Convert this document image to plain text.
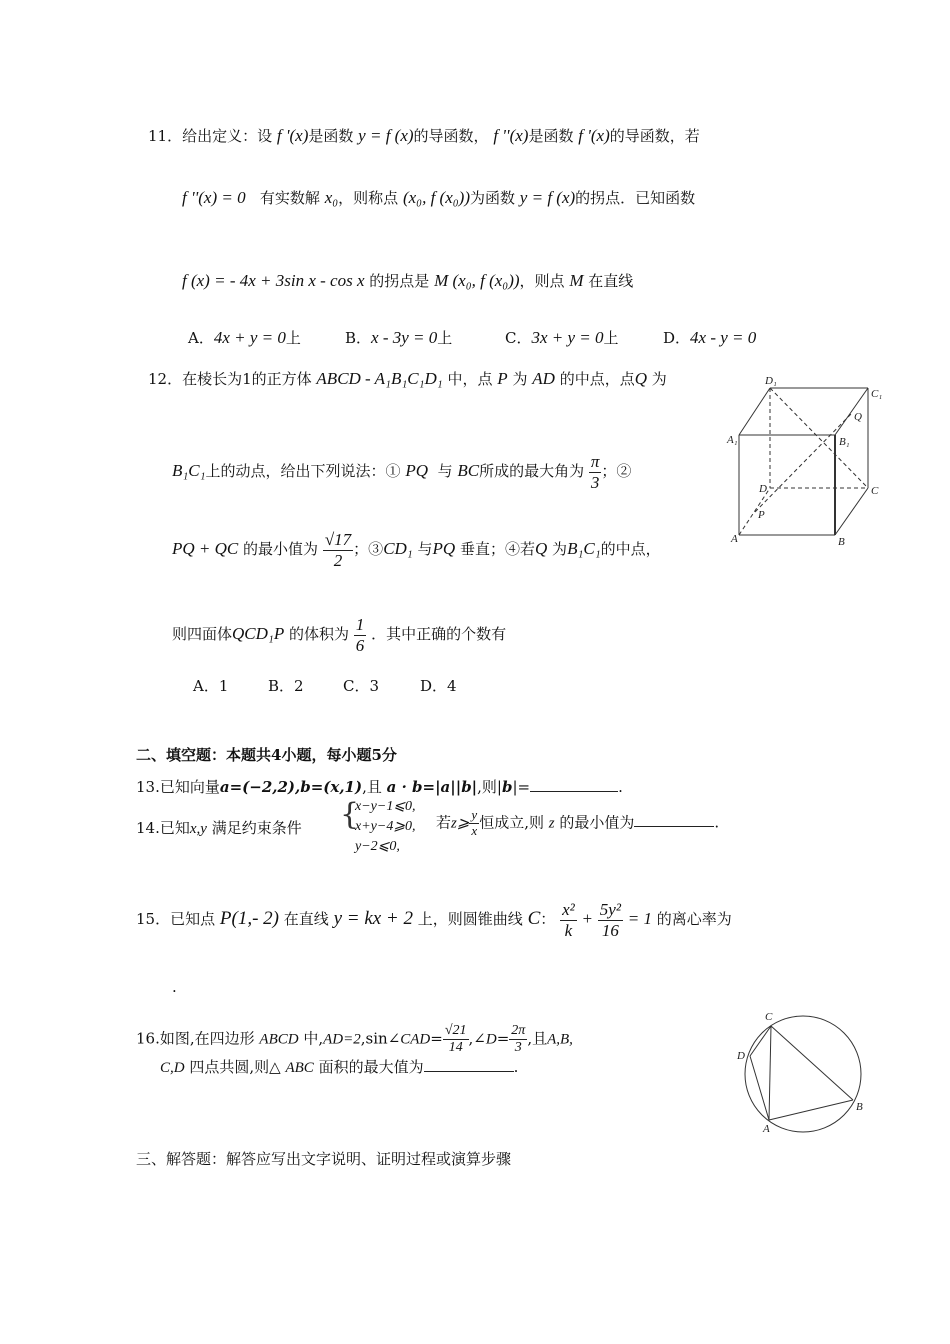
11．给出定义：设 f '(x)是函数 y = f (x)的导函数， f ''(x)是函数 f '(x)的导函数，若
f ''(x) = 0 有实数解 x₀，则称点 (x₀, f (x₀))为函数 y = f (x)的拐点．已知函数
f (x) = - 4x + 3sin x - cos x 的拐点是 M (x₀, f (x₀))，则点 M 在直线
A．4x + y = 0上	B．x - 3y = 0上	C．3x + y = 0上	D．4x - y = 0
12．在棱长为1的正方体 ABCD - A₁B₁C₁D₁ 中，点 P 为 AD 的中点，点Q 为
B₁C₁上的动点，给出下列说法：① PQ 与 BC所成的最大角为 $\frac{\pi}{3}$ ；②
PQ + QC 的最小值为 $\frac{√17}{2}$ ；③CD₁ 与PQ 垂直；④若Q 为B₁C₁的中点，
则四面体QCD₁P 的体积为 $\frac{1}{6}$ ．其中正确的个数有
A．1	B．2	C．3	D．4
D₁
C₁
Q
A₁	B₁
D	C
P
A	B
二、填空题：本题共4小题，每小题5分
13.已知向量a=(−2,2),b=(x,1),且 a · b=|a||b|,则|b|=	.
14.已知x,y 满足约束条件 {
x−y−1⩽0,
x+y−4⩾0,
y−2⩽0,
若z⩾ $\frac{y}{x}$ 恒成立,则 z 的最小值为	.
15．已知点 P(1,- 2) 在直线 y = kx + 2 上，则圆锥曲线 C： $\frac{\text{x²}}{k} + \frac{\text{5y²}}{16} = 1$ 的离心率为
.
16.如图,在四边形 ABCD 中,AD=2,sin∠CAD= $\frac{√21}{14}$ ,∠D= $\frac{2\pi}{3}$ ,且A,B,
C,D 四点共圆,则△ ABC 面积的最大值为	.
C
D
B
A
三、解答题：解答应写出文字说明、证明过程或演算步骤
